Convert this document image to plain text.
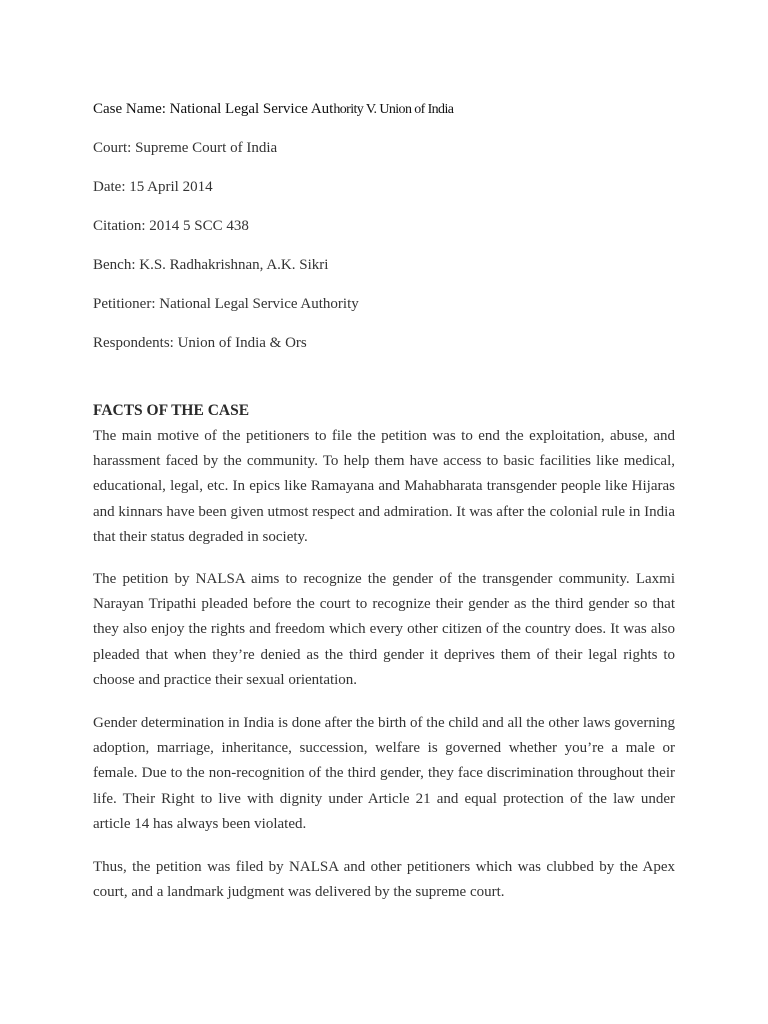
Case Name: National Legal Service Authority V. Union of India
Court: Supreme Court of India
Date: 15 April 2014
Citation: 2014 5 SCC 438
Bench: K.S. Radhakrishnan, A.K. Sikri
Petitioner: National Legal Service Authority
Respondents: Union of India & Ors
FACTS OF THE CASE

The main motive of the petitioners to file the petition was to end the exploitation, abuse, and harassment faced by the community. To help them have access to basic facilities like medical, educational, legal, etc. In epics like Ramayana and Mahabharata transgender people like Hijaras and kinnars have been given utmost respect and admiration. It was after the colonial rule in India that their status degraded in society.

The petition by NALSA aims to recognize the gender of the transgender community. Laxmi Narayan Tripathi pleaded before the court to recognize their gender as the third gender so that they also enjoy the rights and freedom which every other citizen of the country does. It was also pleaded that when they’re denied as the third gender it deprives them of their legal rights to choose and practice their sexual orientation.

Gender determination in India is done after the birth of the child and all the other laws governing adoption, marriage, inheritance, succession, welfare is governed whether you’re a male or female. Due to the non-recognition of the third gender, they face discrimination throughout their life. Their Right to live with dignity under Article 21 and equal protection of the law under article 14 has always been violated.

Thus, the petition was filed by NALSA and other petitioners which was clubbed by the Apex court, and a landmark judgment was delivered by the supreme court.
